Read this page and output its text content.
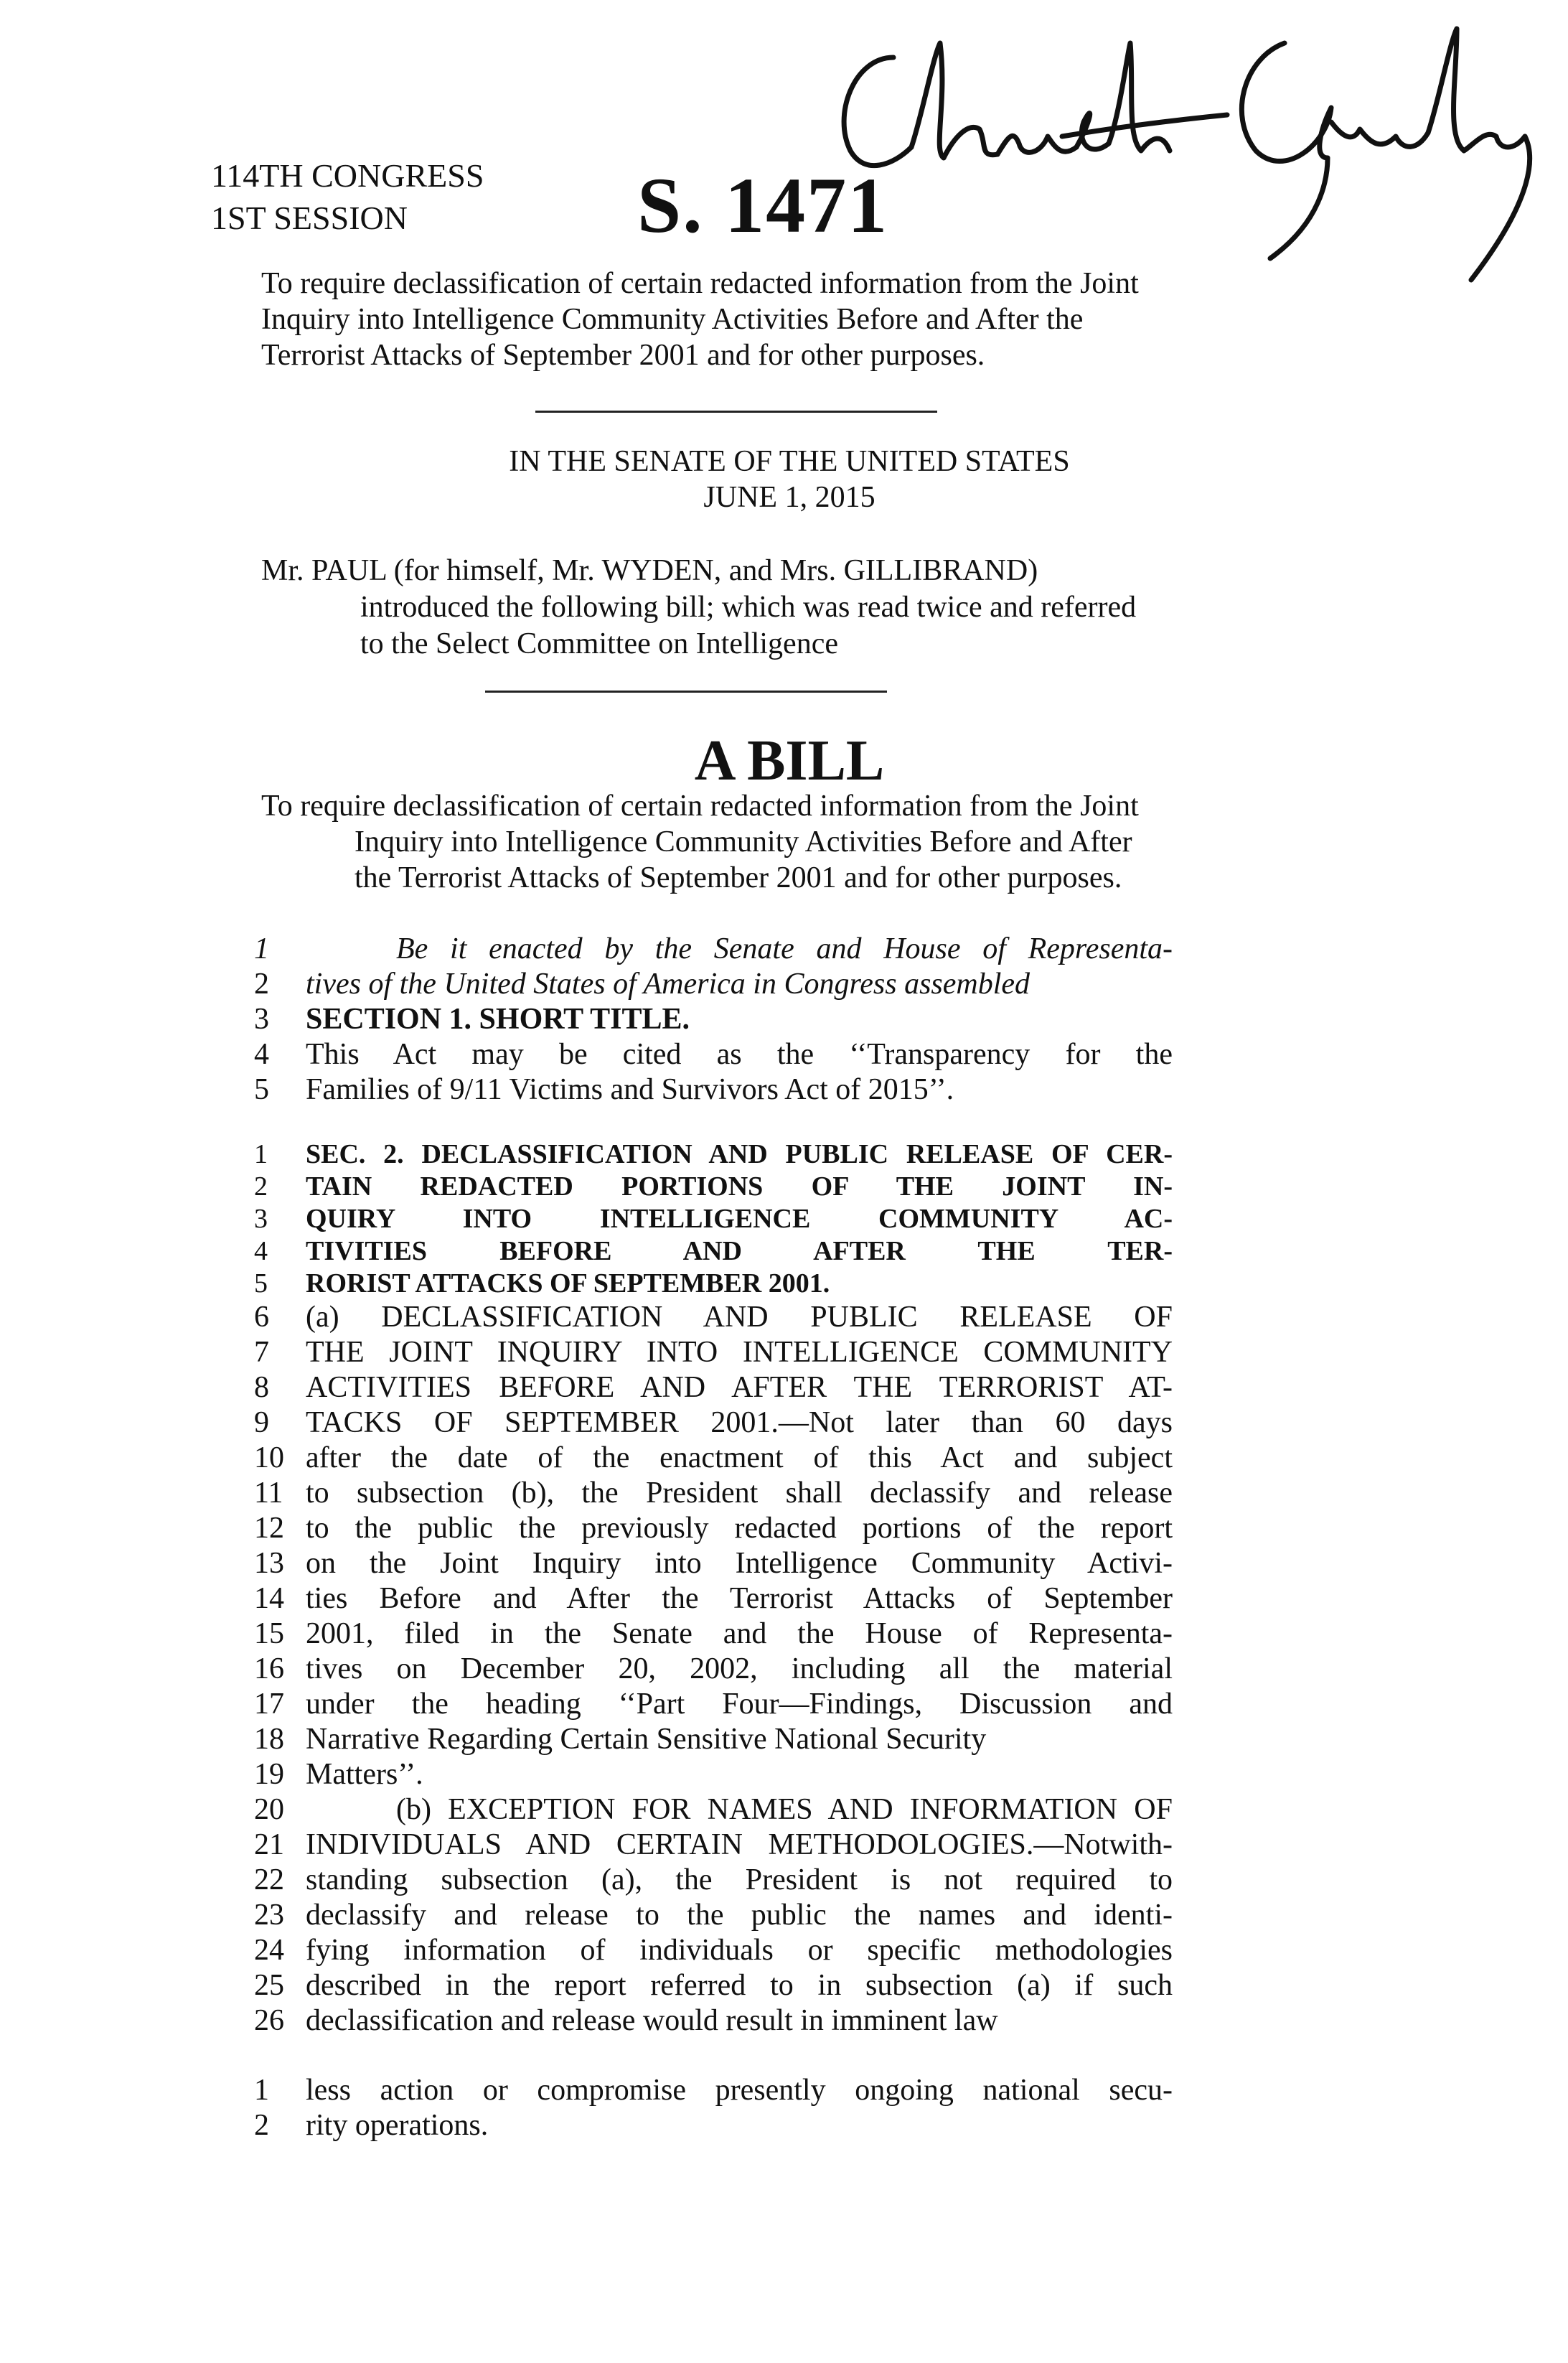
114TH CONGRESS
1ST SESSION	S. 1471
To require declassification of certain redacted information from the Joint Inquiry into Intelligence Community Activities Before and After the Terrorist Attacks of September 2001 and for other purposes.
IN THE SENATE OF THE UNITED STATES
JUNE 1, 2015
Mr. PAUL (for himself, Mr. WYDEN, and Mrs. GILLIBRAND)
introduced the following bill; which was read twice and referred
to the Select Committee on Intelligence
A BILL
To require declassification of certain redacted information from the Joint
Inquiry into Intelligence Community Activities Before and After
the Terrorist Attacks of September 2001 and for other purposes.
1	Be it enacted by the Senate and House of Representa-
2	tives of the United States of America in Congress assembled
3	SECTION 1. SHORT TITLE.
4	This Act may be cited as the ‘‘Transparency for the
5	Families of 9/11 Victims and Survivors Act of 2015’’.
1	SEC. 2. DECLASSIFICATION AND PUBLIC RELEASE OF CER-
2	TAIN REDACTED PORTIONS OF THE JOINT IN-
3	QUIRY INTO INTELLIGENCE COMMUNITY AC-
4	TIVITIES BEFORE AND AFTER THE TER-
5	RORIST ATTACKS OF SEPTEMBER 2001.
6	(a) DECLASSIFICATION AND PUBLIC RELEASE OF
7	THE JOINT INQUIRY INTO INTELLIGENCE COMMUNITY
8	ACTIVITIES BEFORE AND AFTER THE TERRORIST AT-
9	TACKS OF SEPTEMBER 2001.—Not later than 60 days
10 after the date of the enactment of this Act and subject
11 to subsection (b), the President shall declassify and release
12 to the public the previously redacted portions of the report
13 on the Joint Inquiry into Intelligence Community Activi-
14 ties Before and After the Terrorist Attacks of September
15 2001, filed in the Senate and the House of Representa-
16 tives on December 20, 2002, including all the material
17 under the heading ‘‘Part Four—Findings, Discussion and
18 Narrative Regarding Certain Sensitive National Security
19 Matters’’.
20	(b) EXCEPTION FOR NAMES AND INFORMATION OF
21 INDIVIDUALS AND CERTAIN METHODOLOGIES.—Notwith-
22 standing subsection (a), the President is not required to
23 declassify and release to the public the names and identi-
24 fying information of individuals or specific methodologies
25 described in the report referred to in subsection (a) if such
26 declassification and release would result in imminent law
1	less action or compromise presently ongoing national secu-
2	rity operations.
